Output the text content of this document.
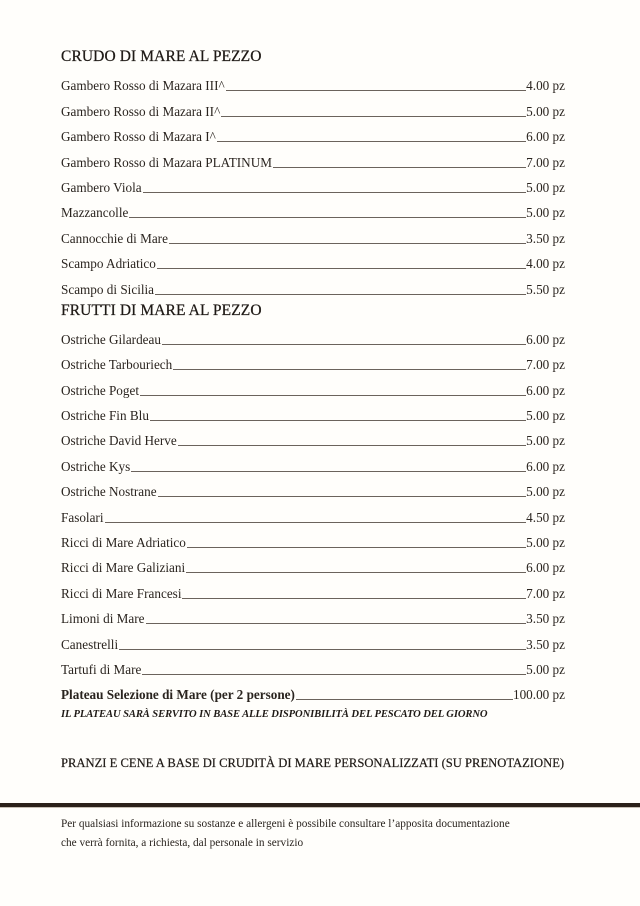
CRUDO DI MARE AL PEZZO
Gambero Rosso di Mazara III^	4.00 pz
Gambero Rosso di Mazara II^	5.00 pz
Gambero Rosso di Mazara I^	6.00 pz
Gambero Rosso di Mazara PLATINUM	7.00 pz
Gambero Viola	5.00 pz
Mazzancolle	5.00 pz
Cannocchie di Mare	3.50 pz
Scampo Adriatico	4.00 pz
Scampo di Sicilia	5.50 pz
FRUTTI DI MARE AL PEZZO
Ostriche Gilardeau	6.00 pz
Ostriche Tarbouriech	7.00 pz
Ostriche Poget	6.00 pz
Ostriche Fin Blu	5.00 pz
Ostriche David Herve	5.00 pz
Ostriche Kys	6.00 pz
Ostriche Nostrane	5.00 pz
Fasolari	4.50 pz
Ricci di Mare Adriatico	5.00 pz
Ricci di Mare Galiziani	6.00 pz
Ricci di Mare Francesi	7.00 pz
Limoni di Mare	3.50 pz
Canestrelli	3.50 pz
Tartufi di Mare	5.00 pz
Plateau Selezione di Mare (per 2 persone)	100.00 pz
IL PLATEAU SARÀ SERVITO IN BASE ALLE DISPONIBILITÀ DEL PESCATO DEL GIORNO
PRANZI E CENE A BASE DI CRUDITÀ DI MARE PERSONALIZZATI (SU PRENOTAZIONE)
Per qualsiasi informazione su sostanze e allergeni è possibile consultare l’apposita documentazione
che verrà fornita, a richiesta, dal personale in servizio
